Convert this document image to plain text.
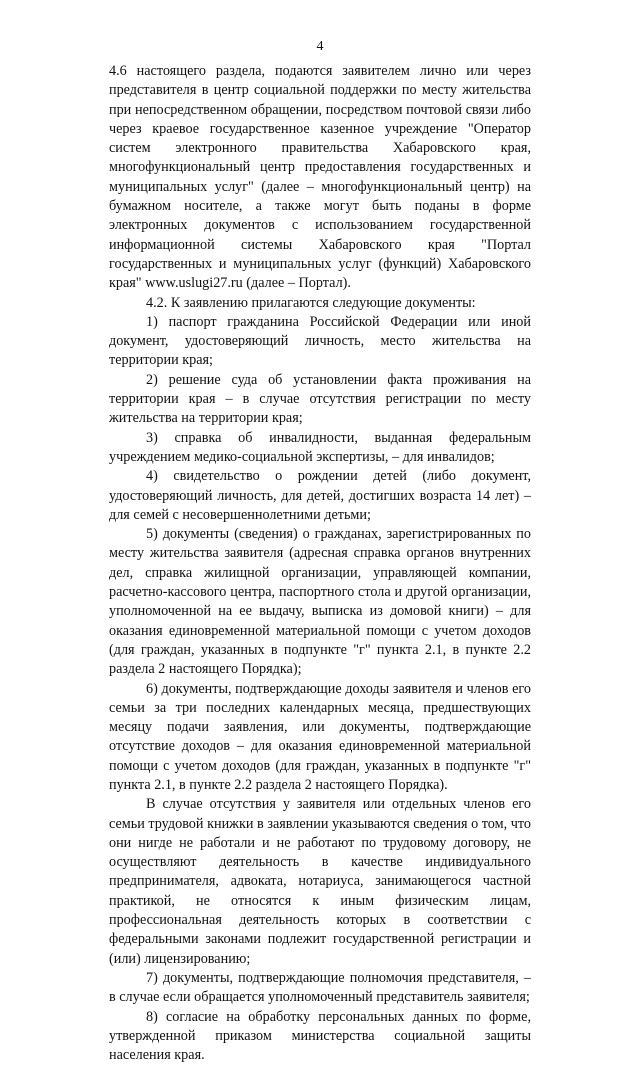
4

4.6 настоящего раздела, подаются заявителем лично или через представителя в центр социальной поддержки по месту жительства при непосредственном обращении, посредством почтовой связи либо через краевое государственное казенное учреждение "Оператор систем электронного правительства Хабаровского края, многофункциональный центр предоставления государственных и муниципальных услуг" (далее – многофункциональный центр) на бумажном носителе, а также могут быть поданы в форме электронных документов с использованием государственной информационной системы Хабаровского края "Портал государственных и муниципальных услуг (функций) Хабаровского края" www.uslugi27.ru (далее – Портал).

4.2. К заявлению прилагаются следующие документы:

1) паспорт гражданина Российской Федерации или иной документ, удостоверяющий личность, место жительства на территории края;

2) решение суда об установлении факта проживания на территории края – в случае отсутствия регистрации по месту жительства на территории края;

3) справка об инвалидности, выданная федеральным учреждением медико-социальной экспертизы, – для инвалидов;

4) свидетельство о рождении детей (либо документ, удостоверяющий личность, для детей, достигших возраста 14 лет) – для семей с несовершеннолетними детьми;

5) документы (сведения) о гражданах, зарегистрированных по месту жительства заявителя (адресная справка органов внутренних дел, справка жилищной организации, управляющей компании, расчетно-кассового центра, паспортного стола и другой организации, уполномоченной на ее выдачу, выписка из домовой книги) – для оказания единовременной материальной помощи с учетом доходов (для граждан, указанных в подпункте "г" пункта 2.1, в пункте 2.2 раздела 2 настоящего Порядка);

6) документы, подтверждающие доходы заявителя и членов его семьи за три последних календарных месяца, предшествующих месяцу подачи заявления, или документы, подтверждающие отсутствие доходов – для оказания единовременной материальной помощи с учетом доходов (для граждан, указанных в подпункте "г" пункта 2.1, в пункте 2.2 раздела 2 настоящего Порядка).

В случае отсутствия у заявителя или отдельных членов его семьи трудовой книжки в заявлении указываются сведения о том, что они нигде не работали и не работают по трудовому договору, не осуществляют деятельность в качестве индивидуального предпринимателя, адвоката, нотариуса, занимающегося частной практикой, не относятся к иным физическим лицам, профессиональная деятельность которых в соответствии с федеральными законами подлежит государственной регистрации и (или) лицензированию;

7) документы, подтверждающие полномочия представителя, – в случае если обращается уполномоченный представитель заявителя;

8) согласие на обработку персональных данных по форме, утвержденной приказом министерства социальной защиты населения края.
